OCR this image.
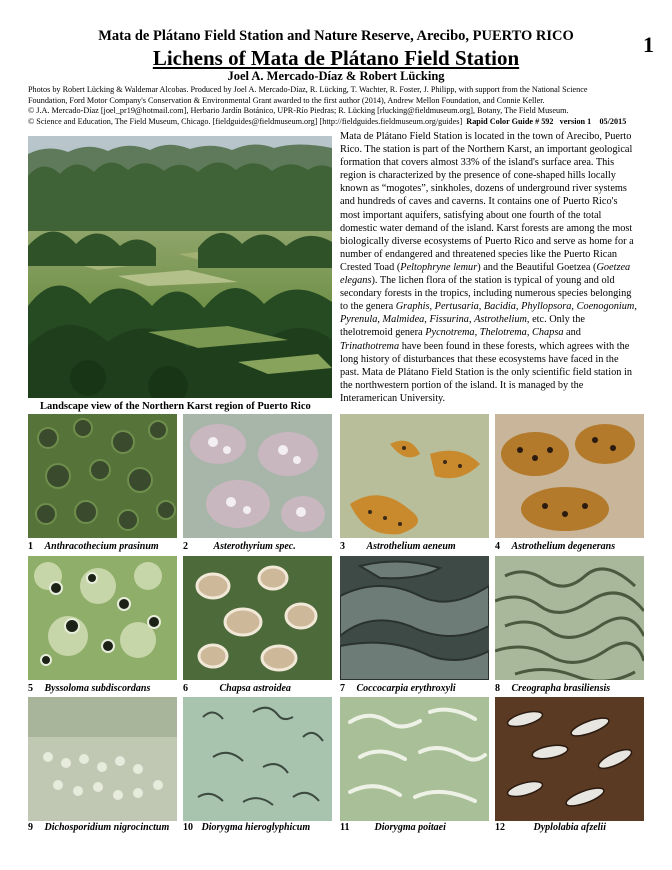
1
Mata de Plátano Field Station and Nature Reserve, Arecibo, PUERTO RICO
Lichens of Mata de Plátano Field Station
Joel A. Mercado-Díaz & Robert Lücking
Photos by Robert Lücking & Waldemar Alcobas. Produced by Joel A. Mercado-Díaz, R. Lücking, T. Wachter, R. Foster, J. Philipp, with support from the National Science
Foundation, Ford Motor Company's Conservation & Environmental Grant awarded to the first author (2014), Andrew Mellon Foundation, and Connie Keller.
© J.A. Mercado-Díaz [joel_pr19@hotmail.com], Herbario Jardín Botánico, UPR-Río Piedras; R. Lücking [rlucking@fieldmuseum.org], Botany, The Field Museum.
© Science and Education, The Field Museum, Chicago. [fieldguides@fieldmuseum.org] [http://fieldguides.fieldmuseum.org/guides] Rapid Color Guide # 592 version 1 05/2015
Landscape view of the Northern Karst region of Puerto Rico
Mata de Plátano Field Station is located in the town of Arecibo, Puerto Rico. The station is part of the Northern Karst, an important geological formation that covers almost 33% of the island's surface area. This region is characterized by the presence of cone-shaped hills locally known as “mogotes”, sinkholes, dozens of underground river systems and hundreds of caves and caverns. It contains one of Puerto Rico's most important aquifers, satisfying about one fourth of the total domestic water demand of the island. Karst forests are among the most biologically diverse ecosystems of Puerto Rico and serve as home for a number of endangered and threatened species like the Puerto Rican Crested Toad (Peltophryne lemur) and the Beautiful Goetzea (Goetzea elegans). The lichen flora of the station is typical of young and old secondary forests in the tropics, including numerous species belonging to the genera Graphis, Pertusaria, Bacidia, Phyllopsora, Coenogonium, Pyrenula, Malmidea, Fissurina, Astrothelium, etc. Only the thelotremoid genera Pycnotrema, Thelotrema, Chapsa and Trinathotrema have been found in these forests, which agrees with the long history of disturbances that these ecosystems have faced in the past. Mata de Plátano Field Station is the only scientific field station in the northwestern portion of the island. It is managed by the Interamerican University.
1 Anthracothecium prasinum 2	Asterothyrium spec.	3 Astrothelium aeneum	4 Astrothelium degenerans
5 Byssoloma subdiscordans	6	Chapsa astroidea	7 Coccocarpia erythroxyli	8 Creographa brasiliensis
9 Dichosporidium nigrocinctum 10 Diorygma hieroglyphicum	11	Diorygma poitaei	12	Dyplolabia afzelii
